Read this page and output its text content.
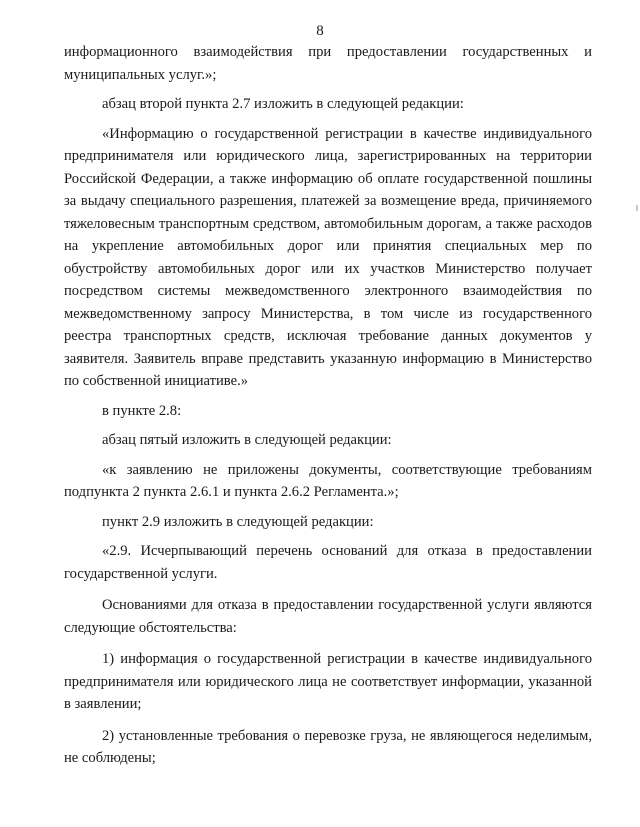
8

информационного взаимодействия при предоставлении государственных и муниципальных услуг.»;

абзац второй пункта 2.7 изложить в следующей редакции:

«Информацию о государственной регистрации в качестве индивидуального предпринимателя или юридического лица, зарегистрированных на территории Российской Федерации, а также информацию об оплате государственной пошлины за выдачу специального разрешения, платежей за возмещение вреда, причиняемого тяжеловесным транспортным средством, автомобильным дорогам, а также расходов на укрепление автомобильных дорог или принятия специальных мер по обустройству автомобильных дорог или их участков Министерство получает посредством системы межведомственного электронного взаимодействия по межведомственному запросу Министерства, в том числе из государственного реестра транспортных средств, исключая требование данных документов у заявителя. Заявитель вправе представить указанную информацию в Министерство по собственной инициативе.»

в пункте 2.8:

абзац пятый изложить в следующей редакции:

«к заявлению не приложены документы, соответствующие требованиям подпункта 2 пункта 2.6.1 и пункта 2.6.2 Регламента.»;

пункт 2.9 изложить в следующей редакции:

«2.9. Исчерпывающий перечень оснований для отказа в предоставлении государственной услуги.

Основаниями для отказа в предоставлении государственной услуги являются следующие обстоятельства:

1) информация о государственной регистрации в качестве индивидуального предпринимателя или юридического лица не соответствует информации, указанной в заявлении;

2) установленные требования о перевозке груза, не являющегося неделимым, не соблюдены;
